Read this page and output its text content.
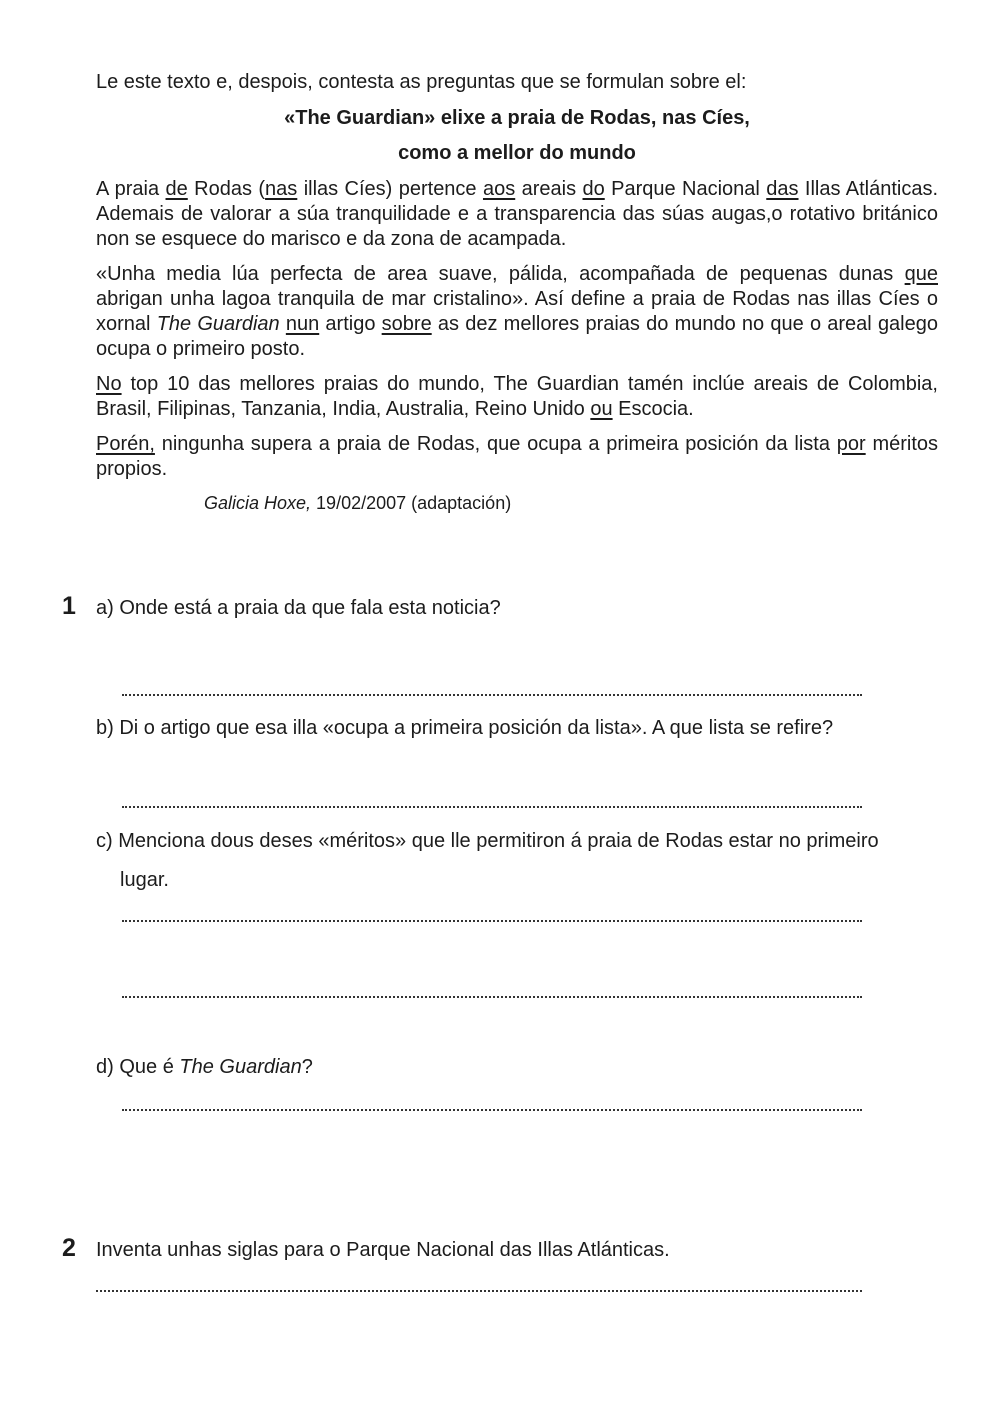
Le este texto e, despois, contesta as preguntas que se formulan sobre el:
«The Guardian» elixe a praia de Rodas, nas Cíes,
como a mellor do mundo
A praia de Rodas (nas illas Cíes) pertence aos areais do Parque Nacional das Illas Atlánticas. Ademais de valorar a súa tranquilidade e a transparencia das súas augas,o rotativo británico non se esquece do marisco e da zona de acampada.
«Unha media lúa perfecta de area suave, pálida, acompañada de pequenas dunas que abrigan unha lagoa tranquila de mar cristalino». Así define a praia de Rodas nas illas Cíes o xornal The Guardian nun artigo sobre as dez mellores praias do mundo no que o areal galego ocupa o primeiro posto.
No top 10 das mellores praias do mundo, The Guardian tamén inclúe areais de Colombia, Brasil, Filipinas, Tanzania, India, Australia, Reino Unido ou Escocia.
Porén, ningunha supera a praia de Rodas, que ocupa a primeira posición da lista por méritos propios.
Galicia Hoxe, 19/02/2007 (adaptación)
1 a) Onde está a praia da que fala esta noticia?
b) Di o artigo que esa illa «ocupa a primeira posición da lista». A que lista se refire?
c) Menciona dous deses «méritos» que lle permitiron á praia de Rodas estar no primeiro
lugar.
d) Que é The Guardian?
2 Inventa unhas siglas para o Parque Nacional das Illas Atlánticas.
